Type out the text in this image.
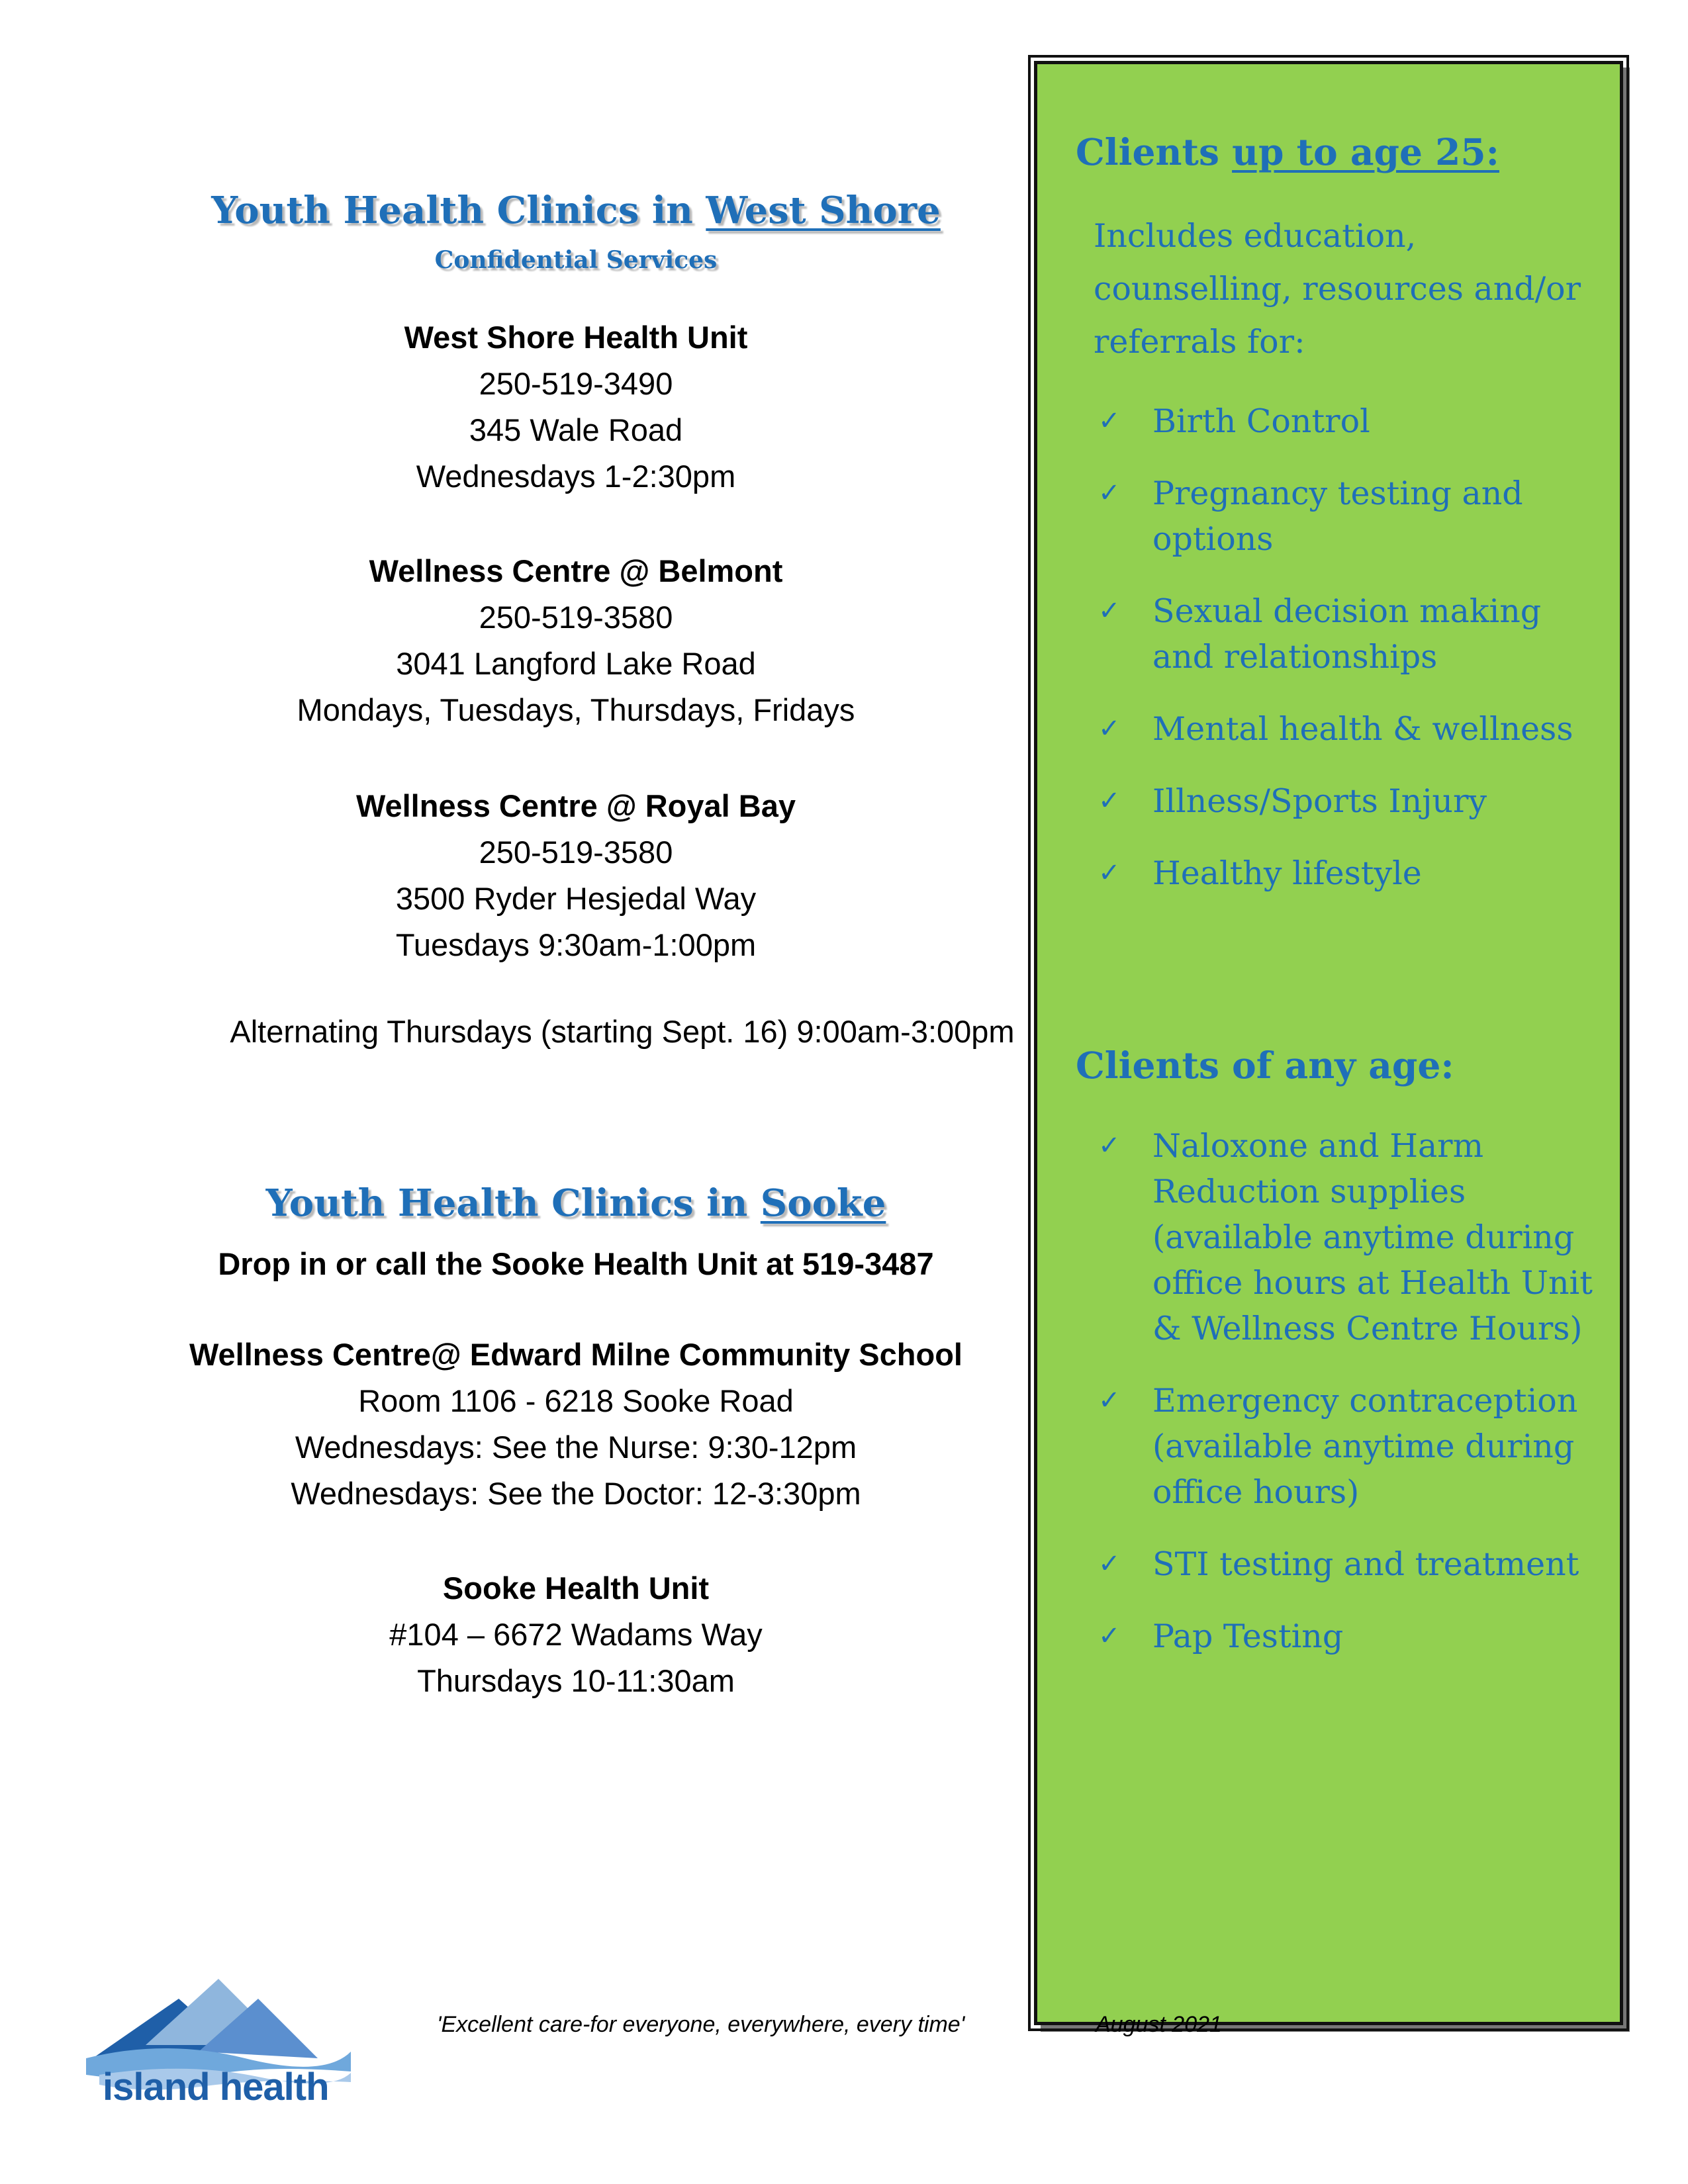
Youth Health Clinics in West Shore
Confidential Services
West Shore Health Unit
250-519-3490
345 Wale Road
Wednesdays 1-2:30pm
Wellness Centre @ Belmont
250-519-3580
3041 Langford Lake Road
Mondays, Tuesdays, Thursdays, Fridays
Wellness Centre @ Royal Bay
250-519-3580
3500 Ryder Hesjedal Way
Tuesdays 9:30am-1:00pm
Alternating Thursdays (starting Sept. 16) 9:00am-3:00pm
Youth Health Clinics in Sooke
Drop in or call the Sooke Health Unit at 519-3487
Wellness Centre@ Edward Milne Community School
Room 1106 - 6218 Sooke Road
Wednesdays: See the Nurse: 9:30-12pm
Wednesdays: See the Doctor: 12-3:30pm
Sooke Health Unit
#104 – 6672 Wadams Way
Thursdays 10-11:30am
Clients up to age 25:
Includes education, counselling, resources and/or referrals for:
✓ Birth Control
✓ Pregnancy testing and options
✓ Sexual decision making and relationships
✓ Mental health & wellness
✓ Illness/Sports Injury
✓ Healthy lifestyle
Clients of any age:
✓ Naloxone and Harm Reduction supplies (available anytime during office hours at Health Unit & Wellness Centre Hours)
✓ Emergency contraception (available anytime during office hours)
✓ STI testing and treatment
✓ Pap Testing
island health
'Excellent care-for everyone, everywhere, every time'	August 2021
